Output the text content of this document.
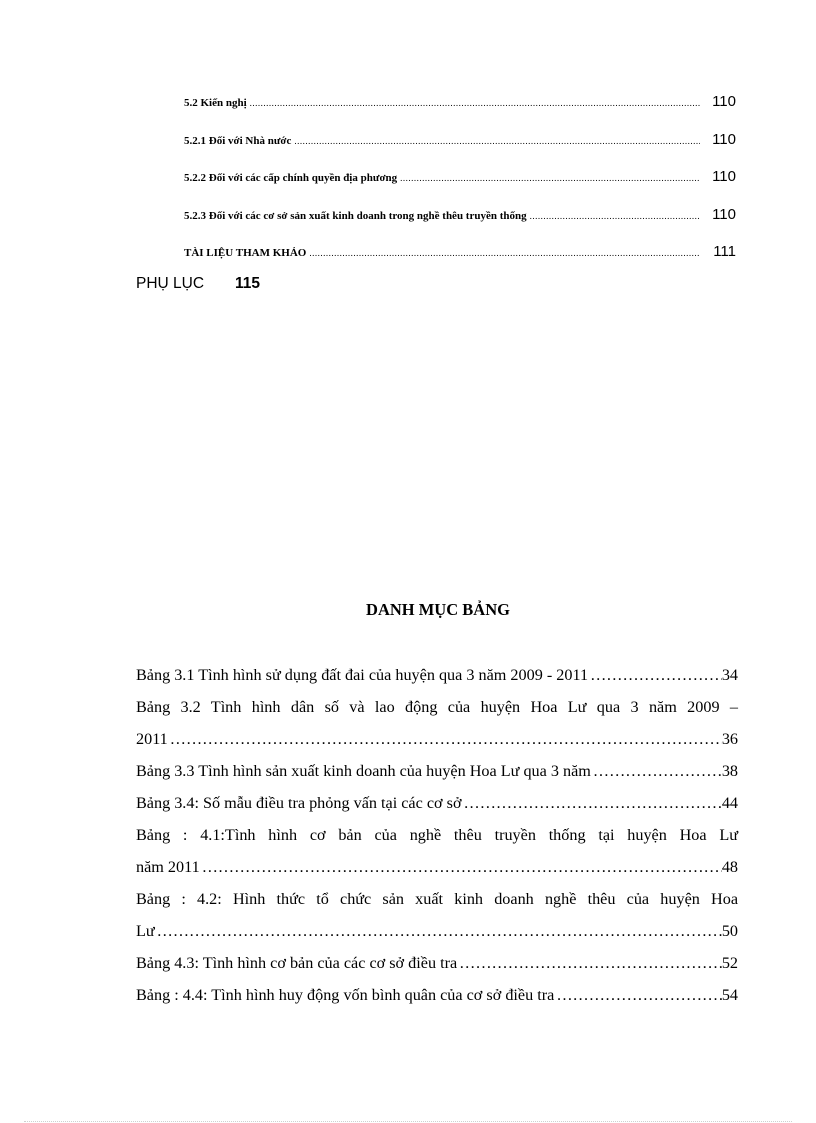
5.2 Kiến nghị .....	110
5.2.1 Đối với Nhà nước .....	110
5.2.2 Đối với các cấp chính quyền địa phương .....	110
5.2.3 Đối với các cơ sở sản xuất kinh doanh trong nghề thêu truyền thống .....	110
TÀI LIỆU THAM KHẢO .....	111
PHỤ LỤC 115
DANH MỤC BẢNG
Bảng 3.1 Tình hình sử dụng đất đai của huyện qua 3 năm 2009 - 2011 ………………………………………………………………………………………………………………………………………………………………………………………………	34
Bảng 3.2 Tình hình dân số và lao động của huyện Hoa Lư qua 3 năm 2009 –
2011 ………………………………………………………………………………………………………………………………………………………………………………………………	36
Bảng 3.3 Tình hình sản xuất kinh doanh của huyện Hoa Lư qua 3 năm ………………………………………………………………………………………………………………………………………………………………………………………………	38
Bảng 3.4: Số mẫu điều tra phỏng vấn tại các cơ sở ………………………………………………………………………………………………………………………………………………………………………………………………	44
Bảng : 4.1:Tình hình cơ bản của nghề thêu truyền thống tại huyện Hoa Lư
năm 2011 ………………………………………………………………………………………………………………………………………………………………………………………………	48
Bảng : 4.2: Hình thức tổ chức sản xuất kinh doanh nghề thêu của huyện Hoa
Lư ………………………………………………………………………………………………………………………………………………………………………………………………	50
Bảng 4.3: Tình hình cơ bản của các cơ sở điều tra ………………………………………………………………………………………………………………………………………………………………………………………………	52
Bảng : 4.4: Tình hình huy động vốn bình quân của cơ sở điều tra ………………………………………………………………………………………………………………………………………………………………………………………………	54
